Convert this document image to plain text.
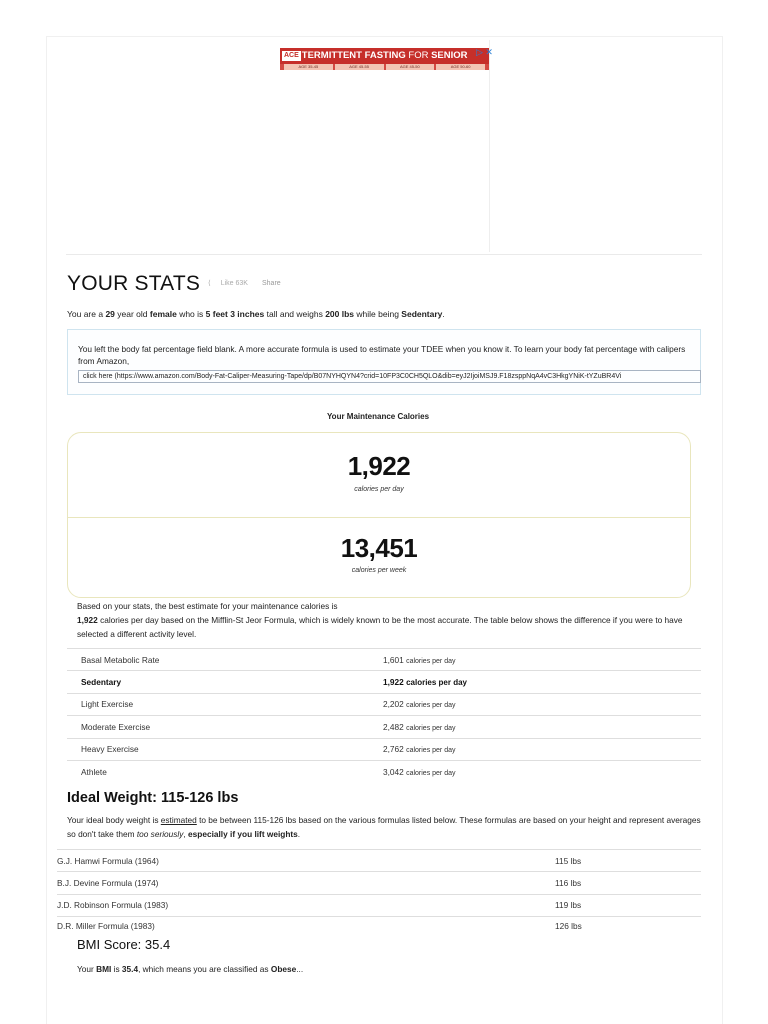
ACE TERMITTENT FASTING FOR SENIOR
AGE 35-45	AGE 45-55	AGE 45-50	AGE 50-60
▷ ✕
YOUR STATS ⟨ Like 63K Share
You are a 29 year old female who is 5 feet 3 inches tall and weighs 200 lbs while being Sedentary.
You left the body fat percentage field blank. A more accurate formula is used to estimate your TDEE when you know it. To learn your body fat percentage with calipers from Amazon,
click here (https://www.amazon.com/Body-Fat-Caliper-Measuring-Tape/dp/B07NYHQYN4?crid=10FP3C0CH5QLO&dib=eyJ2IjoiMSJ9.F18zsppNqA4vC3HkgYNiK-tYZuBR4Vi
Your Maintenance Calories
1,922
calories per day
13,451
calories per week
Based on your stats, the best estimate for your maintenance calories is
1,922 calories per day based on the Mifflin-St Jeor Formula, which is widely known to be the most accurate. The table below shows the difference if you were to have selected a different activity level.
Basal Metabolic Rate	1,601 calories per day
Sedentary	1,922 calories per day
Light Exercise	2,202 calories per day
Moderate Exercise	2,482 calories per day
Heavy Exercise	2,762 calories per day
Athlete	3,042 calories per day
Ideal Weight: 115-126 lbs
Your ideal body weight is estimated to be between 115-126 lbs based on the various formulas listed below. These formulas are based on your height and represent averages so don't take them too seriously, especially if you lift weights.
G.J. Hamwi Formula (1964)	115 lbs
B.J. Devine Formula (1974)	116 lbs
J.D. Robinson Formula (1983)	119 lbs
D.R. Miller Formula (1983)	126 lbs
BMI Score: 35.4
Your BMI is 35.4, which means you are classified as Obese...
